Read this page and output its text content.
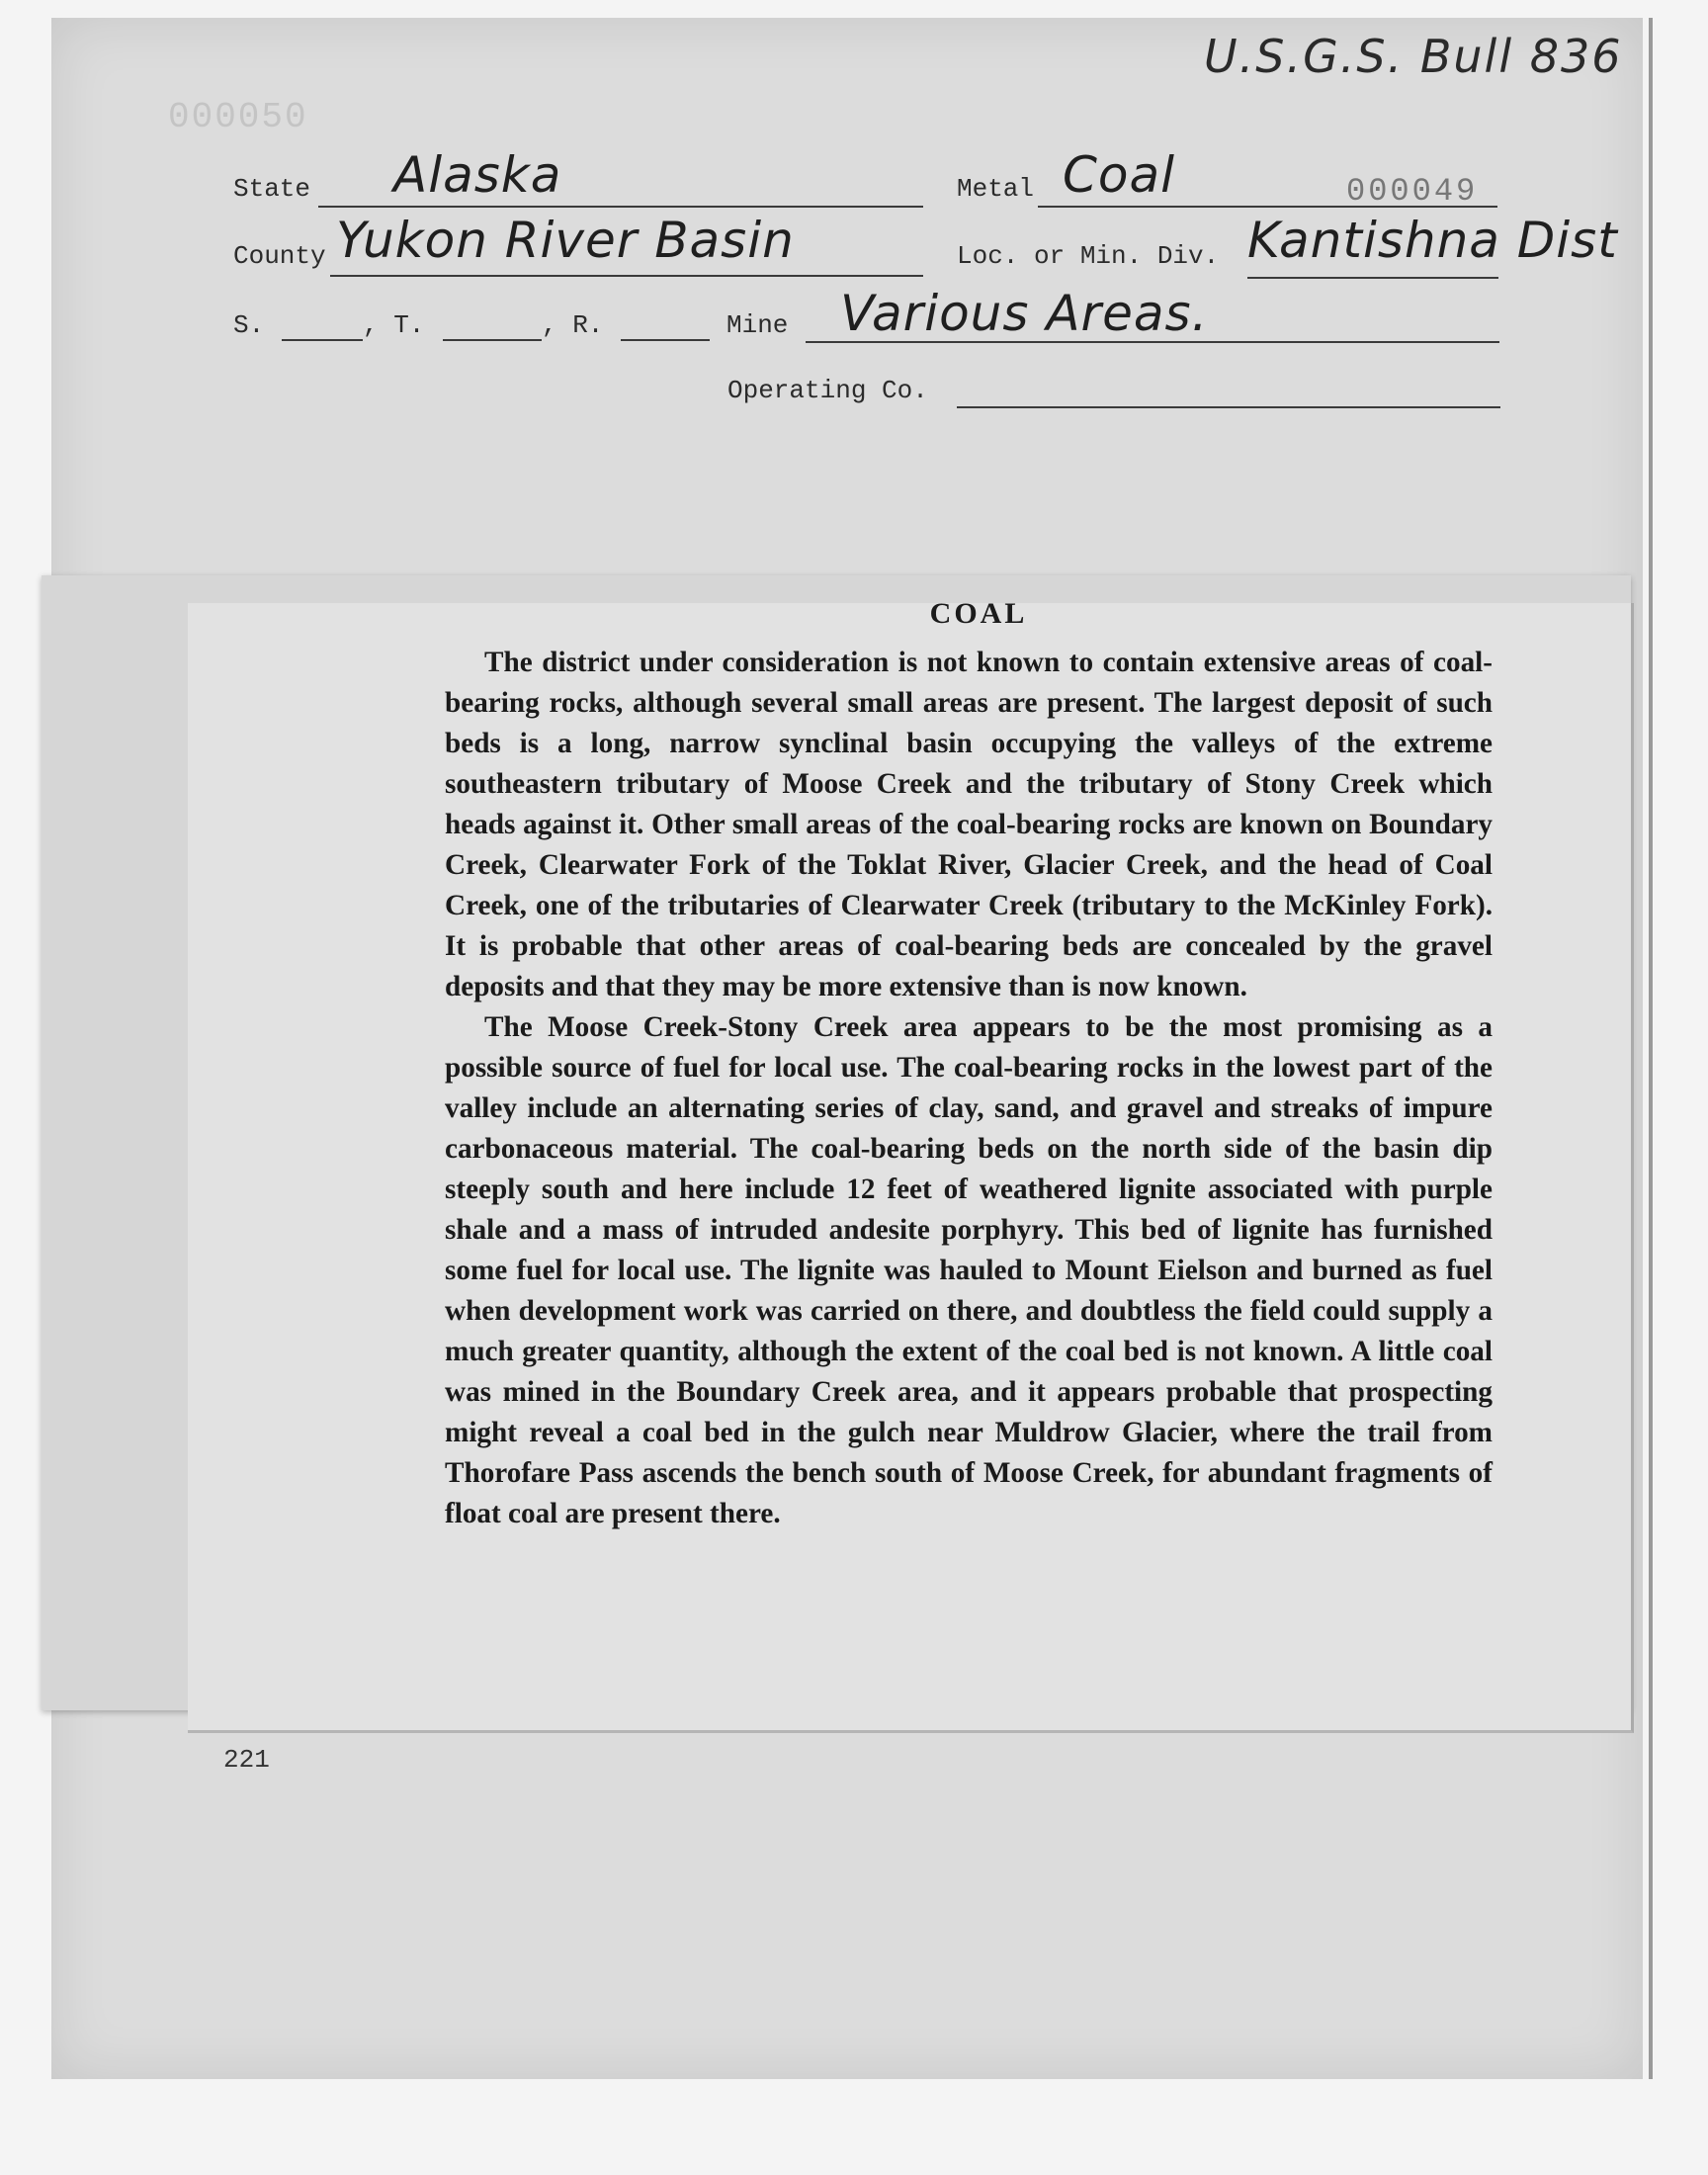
000050
U.S.G.S. Bull 836
State Alaska	Metal Coal	000049
County Yukon River Basin	Loc. or Min. Div. Kantishna Dist
S.	, T.	, R.	Mine Various Areas.
Operating Co.
COAL

The district under consideration is not known to contain extensive areas of coal-bearing rocks, although several small areas are present. The largest deposit of such beds is a long, narrow synclinal basin occupying the valleys of the extreme southeastern tributary of Moose Creek and the tributary of Stony Creek which heads against it. Other small areas of the coal-bearing rocks are known on Boundary Creek, Clearwater Fork of the Toklat River, Glacier Creek, and the head of Coal Creek, one of the tributaries of Clearwater Creek (tributary to the McKinley Fork). It is probable that other areas of coal-bearing beds are concealed by the gravel deposits and that they may be more extensive than is now known.

The Moose Creek-Stony Creek area appears to be the most promising as a possible source of fuel for local use. The coal-bearing rocks in the lowest part of the valley include an alternating series of clay, sand, and gravel and streaks of impure carbonaceous material. The coal-bearing beds on the north side of the basin dip steeply south and here include 12 feet of weathered lignite associated with purple shale and a mass of intruded andesite porphyry. This bed of lignite has furnished some fuel for local use. The lignite was hauled to Mount Eielson and burned as fuel when development work was carried on there, and doubtless the field could supply a much greater quantity, although the extent of the coal bed is not known. A little coal was mined in the Boundary Creek area, and it appears probable that prospecting might reveal a coal bed in the gulch near Muldrow Glacier, where the trail from Thorofare Pass ascends the bench south of Moose Creek, for abundant fragments of float coal are present there.

221
